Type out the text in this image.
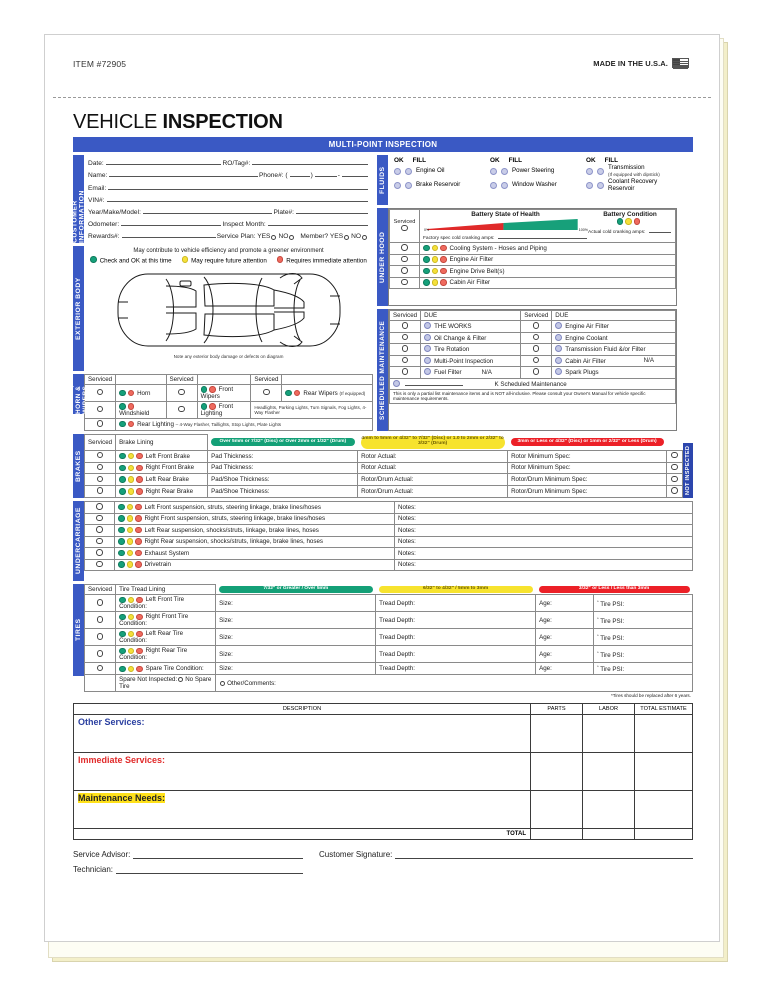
ITEM #72905	MADE IN THE U.S.A.
VEHICLE INSPECTION
MULTI-POINT INSPECTION
CUSTOMER INFORMATION
Date:	RO/Tag#:
Name:	Phone#: (	)	-
Email:
VIN#:
Year/Make/Model:	Plate#:
Odometer:	Inspect Month:
Rewards#:	Service Plan: YES NO Member? YES NO
EXTERIOR BODY
May contribute to vehicle efficiency and promote a greener environment
Check and OK at this time	May require future attention	Requires immediate attention
Note any exterior body damage or defects on diagram
LIGHTS, HORN & WIPERS
Serviced		Serviced		Serviced	

Horn		Front Wipers		Rear Wipers (If equipped)

Windshield		Front Lighting	Headlights, Parking Lights, Turn Signals, Fog Lights, 4-Way Flasher	

Rear Lighting – 4-Way Flasher, Taillights, Stop Lights, Plate Lights				
FLUIDS
OK FILL	OK FILL	OK FILL
Engine Oil	Power Steering	Transmission
(If equipped with dipstick)
Brake Reservoir	Window Washer	Coolant Recovery Reservoir
UNDER HOOD
Serviced

Battery State of Health	Battery Condition
0%	100%
Factory spec cold cranking amps:
Actual cold cranking amps:

Cooling System - Hoses and Piping

Engine Air Filter

Engine Drive Belt(s)

Cabin Air Filter
SCHEDULED MAINTENANCE
Serviced	DUE	Serviced	DUE
	THE WORKS		Engine Air Filter
	Oil Change & Filter		Engine Coolant
	Tire Rotation		Transmission Fluid &/or Filter
	Multi-Point Inspection		Cabin Air Filter N/A

	Fuel Filter N/A		Spark Plugs
K Scheduled Maintenance			
This is only a partial list maintenance items and is NOT all-inclusive. Please consult your Owner's Manual for vehicle specific maintenance requirements.			
BRAKES
Serviced	Brake Lining	Over 5mm or 7/32" (Disc) or Over 2mm or 1/32" (Drum)	4mm to 5mm or 4/32" to 7/32" (Disc) or 1.0 to 2mm or 2/32" to 3/32" (Drum)	3mm or Less or 4/32" (Disc) or 1mm or 2/32" or Less (Drum)	

Left Front Brake	Pad Thickness:	Rotor Actual:	Rotor Minimum Spec:	

Right Front Brake	Pad Thickness:	Rotor Actual:	Rotor Minimum Spec:	

Left Rear Brake	Pad/Shoe Thickness:	Rotor/Drum Actual:	Rotor/Drum Minimum Spec:	

Right Rear Brake	Pad/Shoe Thickness:	Rotor/Drum Actual:	Rotor/Drum Minimum Spec:		NOT INSPECTED
UNDERCARRIAGE

Left Front suspension, struts, steering linkage, brake lines/hoses	Notes:

Right Front suspension, struts, steering linkage, brake lines/hoses	Notes:

Left Rear suspension, shocks/struts, linkage, brake lines, hoses	Notes:

Right Rear suspension, shocks/struts, linkage, brake lines, hoses	Notes:

Exhaust System	Notes:

Drivetrain	Notes:
TIRES
Serviced	Tire Tread Lining	7/32" or Greater / Over 5mm	6/32" to 4/32" / 5mm to 3mm	3/32" or Less / Less than 3mm	

Left Front Tire Condition:	Size:	Tread Depth:	Age:	* Tire PSI:

Right Front Tire Condition:	Size:	Tread Depth:	Age:	* Tire PSI:

Left Rear Tire Condition:	Size:	Tread Depth:	Age:	* Tire PSI:

Right Rear Tire Condition:	Size:	Tread Depth:	Age:	* Tire PSI:

Spare Tire Condition:	Size:	Tread Depth:	Age:	* Tire PSI:
	Spare Not Inspected: No Spare Tire	Other/Comments:			
*Tires should be replaced after 6 years.
DESCRIPTION	PARTS	LABOR	TOTAL ESTIMATE
Other Services:			
Immediate Services:			
Maintenance Needs:			
TOTAL			
Service Advisor:	Customer Signature:
Technician:
